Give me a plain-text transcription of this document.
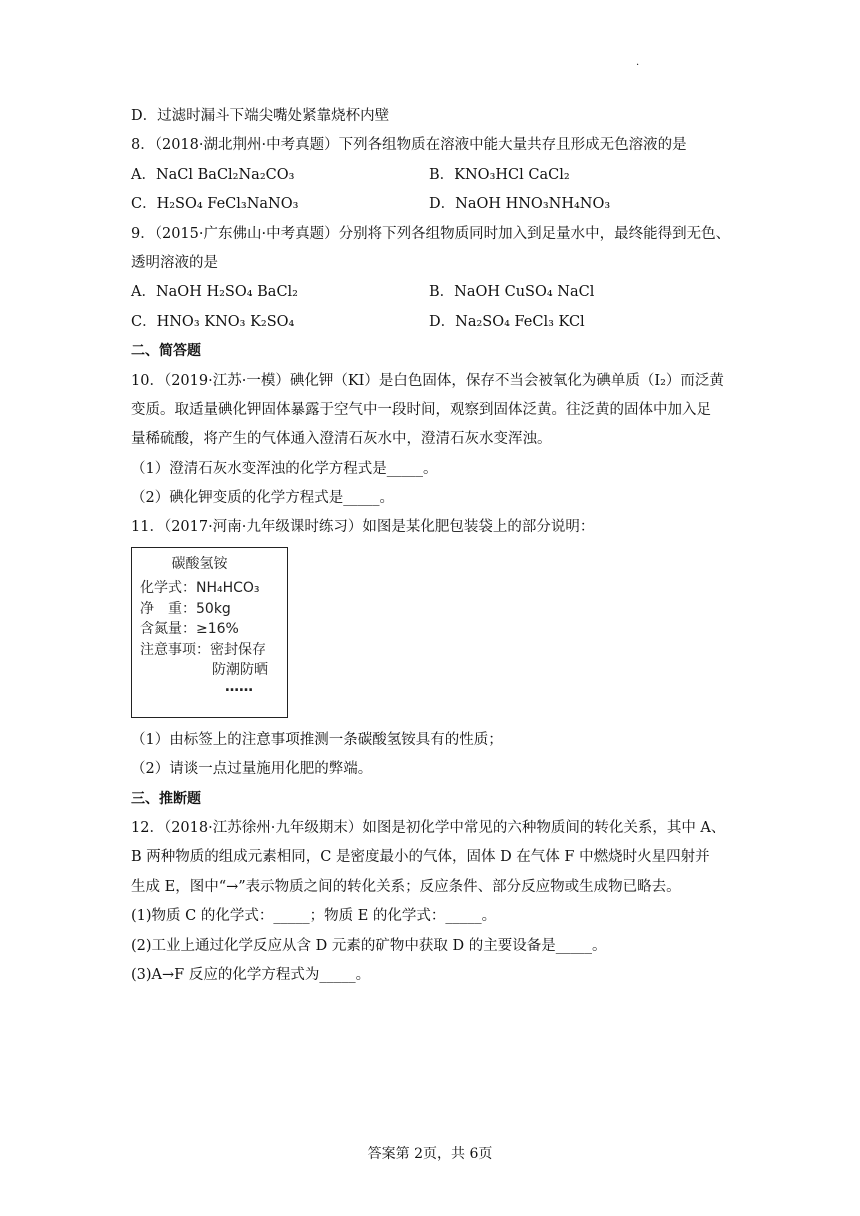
.
D．过滤时漏斗下端尖嘴处紧靠烧杯内壁
8．（2018·湖北荆州·中考真题）下列各组物质在溶液中能大量共存且形成无色溶液的是
A．NaCl BaCl₂Na₂CO₃	B．KNO₃HCl CaCl₂
C．H₂SO₄ FeCl₃NaNO₃	D．NaOH HNO₃NH₄NO₃
9．（2015·广东佛山·中考真题）分别将下列各组物质同时加入到足量水中，最终能得到无色、
透明溶液的是
A．NaOH H₂SO₄ BaCl₂	B．NaOH CuSO₄ NaCl
C．HNO₃ KNO₃ K₂SO₄	D．Na₂SO₄ FeCl₃ KCl
二、简答题
10．（2019·江苏·一模）碘化钾（KI）是白色固体，保存不当会被氧化为碘单质（I₂）而泛黄
变质。取适量碘化钾固体暴露于空气中一段时间，观察到固体泛黄。往泛黄的固体中加入足
量稀硫酸，将产生的气体通入澄清石灰水中，澄清石灰水变浑浊。
（1）澄清石灰水变浑浊的化学方程式是_____。
（2）碘化钾变质的化学方程式是_____。
11．（2017·河南·九年级课时练习）如图是某化肥包装袋上的部分说明：
碳酸氢铵
化学式：NH₄HCO₃
净　重：50kg
含氮量：≥16%
注意事项：密封保存
防潮防晒
……
（1）由标签上的注意事项推测一条碳酸氢铵具有的性质；
（2）请谈一点过量施用化肥的弊端。
三、推断题
12．（2018·江苏徐州·九年级期末）如图是初化学中常见的六种物质间的转化关系，其中 A、
B 两种物质的组成元素相同，C 是密度最小的气体，固体 D 在气体 F 中燃烧时火星四射并
生成 E，图中“→”表示物质之间的转化关系；反应条件、部分反应物或生成物已略去。
(1)物质 C 的化学式：_____；物质 E 的化学式：_____。
(2)工业上通过化学反应从含 D 元素的矿物中获取 D 的主要设备是_____。
(3)A→F 反应的化学方程式为_____。
答案第 2页，共 6页
